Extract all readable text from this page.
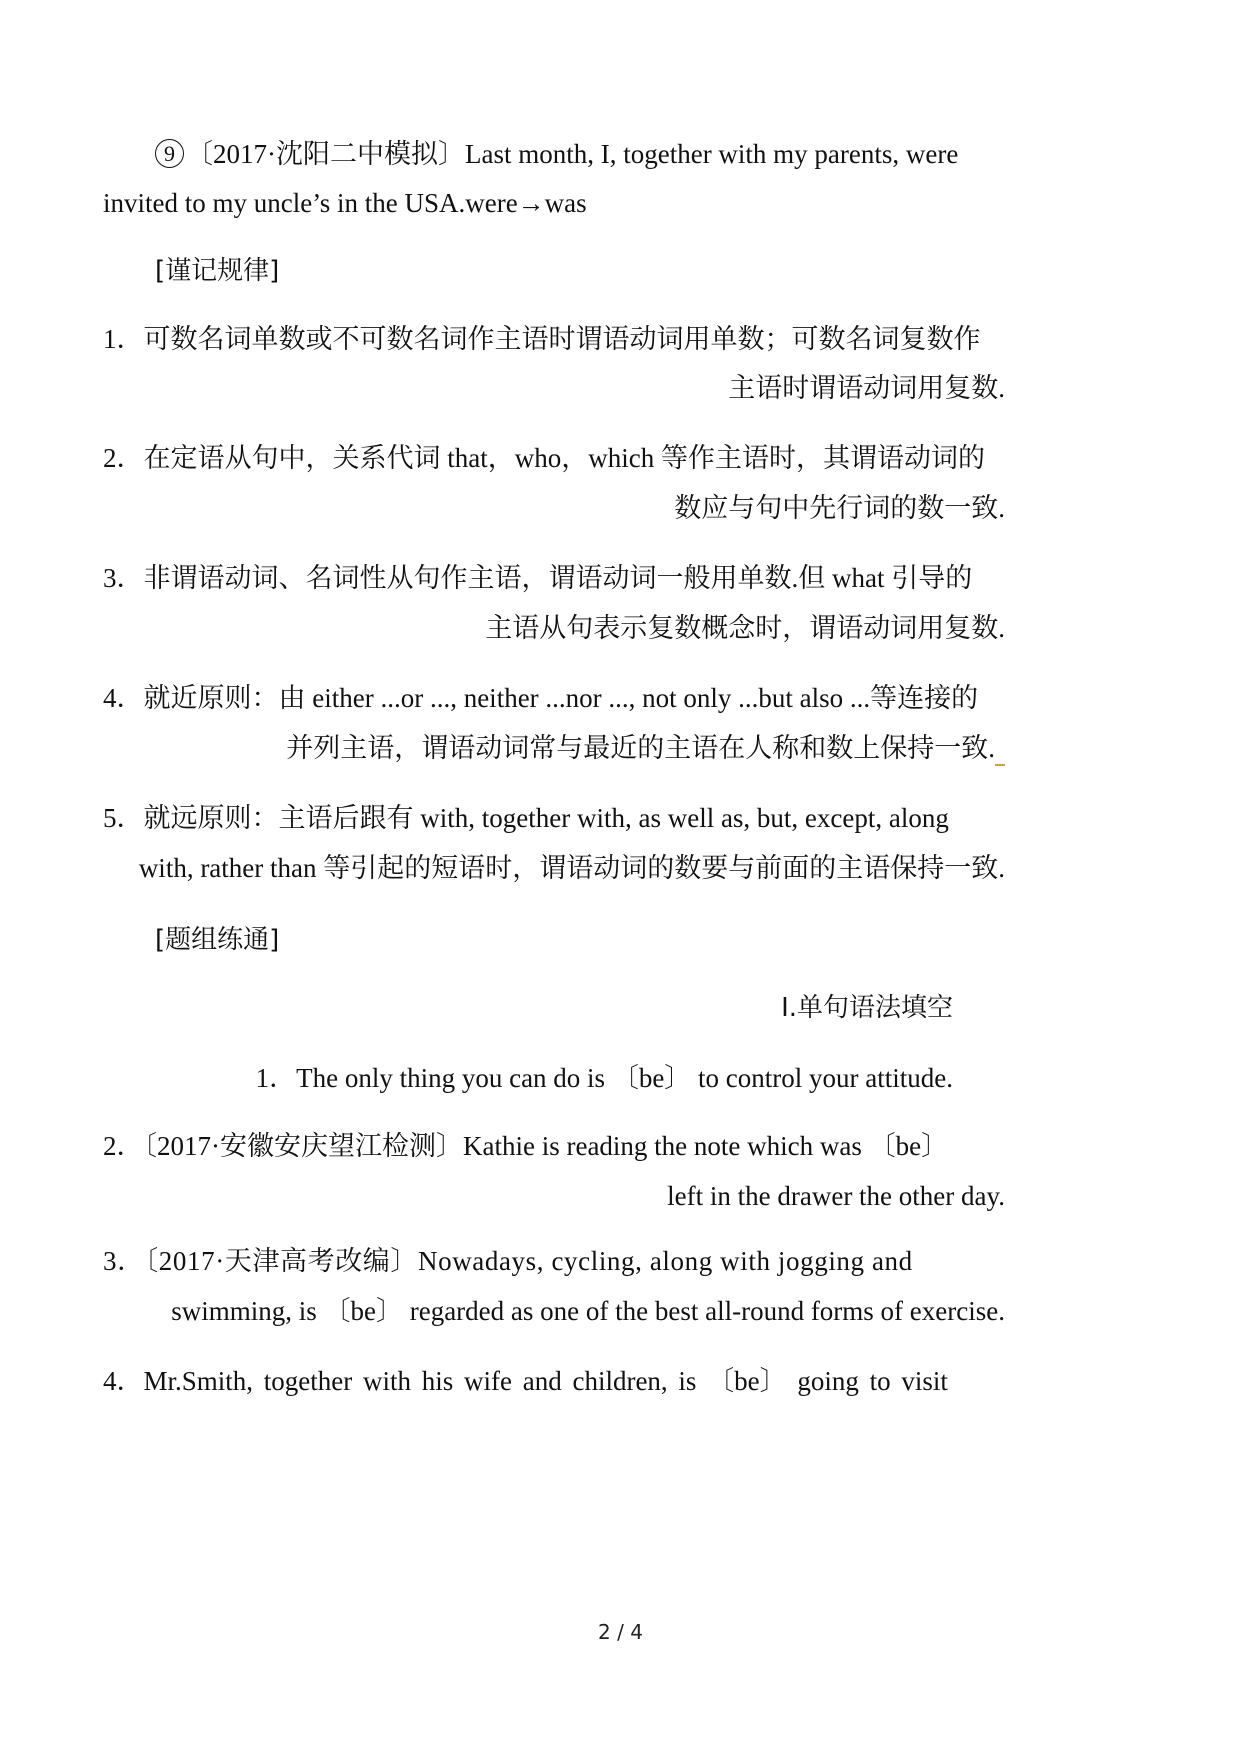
9 〔2017·沈阳二中模拟〕Last month, I, together with my parents, were
invited to my uncle’s in the USA.were→was
[谨记规律]
1．可数名词单数或不可数名词作主语时谓语动词用单数；可数名词复数作
主语时谓语动词用复数.
2．在定语从句中，关系代词 that，who，which 等作主语时，其谓语动词的
数应与句中先行词的数一致.
3．非谓语动词、名词性从句作主语，谓语动词一般用单数.但 what 引导的
主语从句表示复数概念时，谓语动词用复数.
4．就近原则：由 either ...or ..., neither ...nor ..., not only ...but also ...等连接的
并列主语，谓语动词常与最近的主语在人称和数上保持一致.
5．就远原则：主语后跟有 with, together with, as well as, but, except, along
with, rather than 等引起的短语时，谓语动词的数要与前面的主语保持一致.
[题组练通]
Ⅰ.单句语法填空
1．The only thing you can do is 〔be〕 to control your attitude.
2．〔2017·安徽安庆望江检测〕Kathie is reading the note which was 〔be〕
left in the drawer the other day.
3．〔2017·天津高考改编〕Nowadays, cycling, along with jogging and
swimming, is 〔be〕 regarded as one of the best all-round forms of exercise.
4．Mr.Smith, together with his wife and children, is 〔be〕 going to visit
2 / 4
